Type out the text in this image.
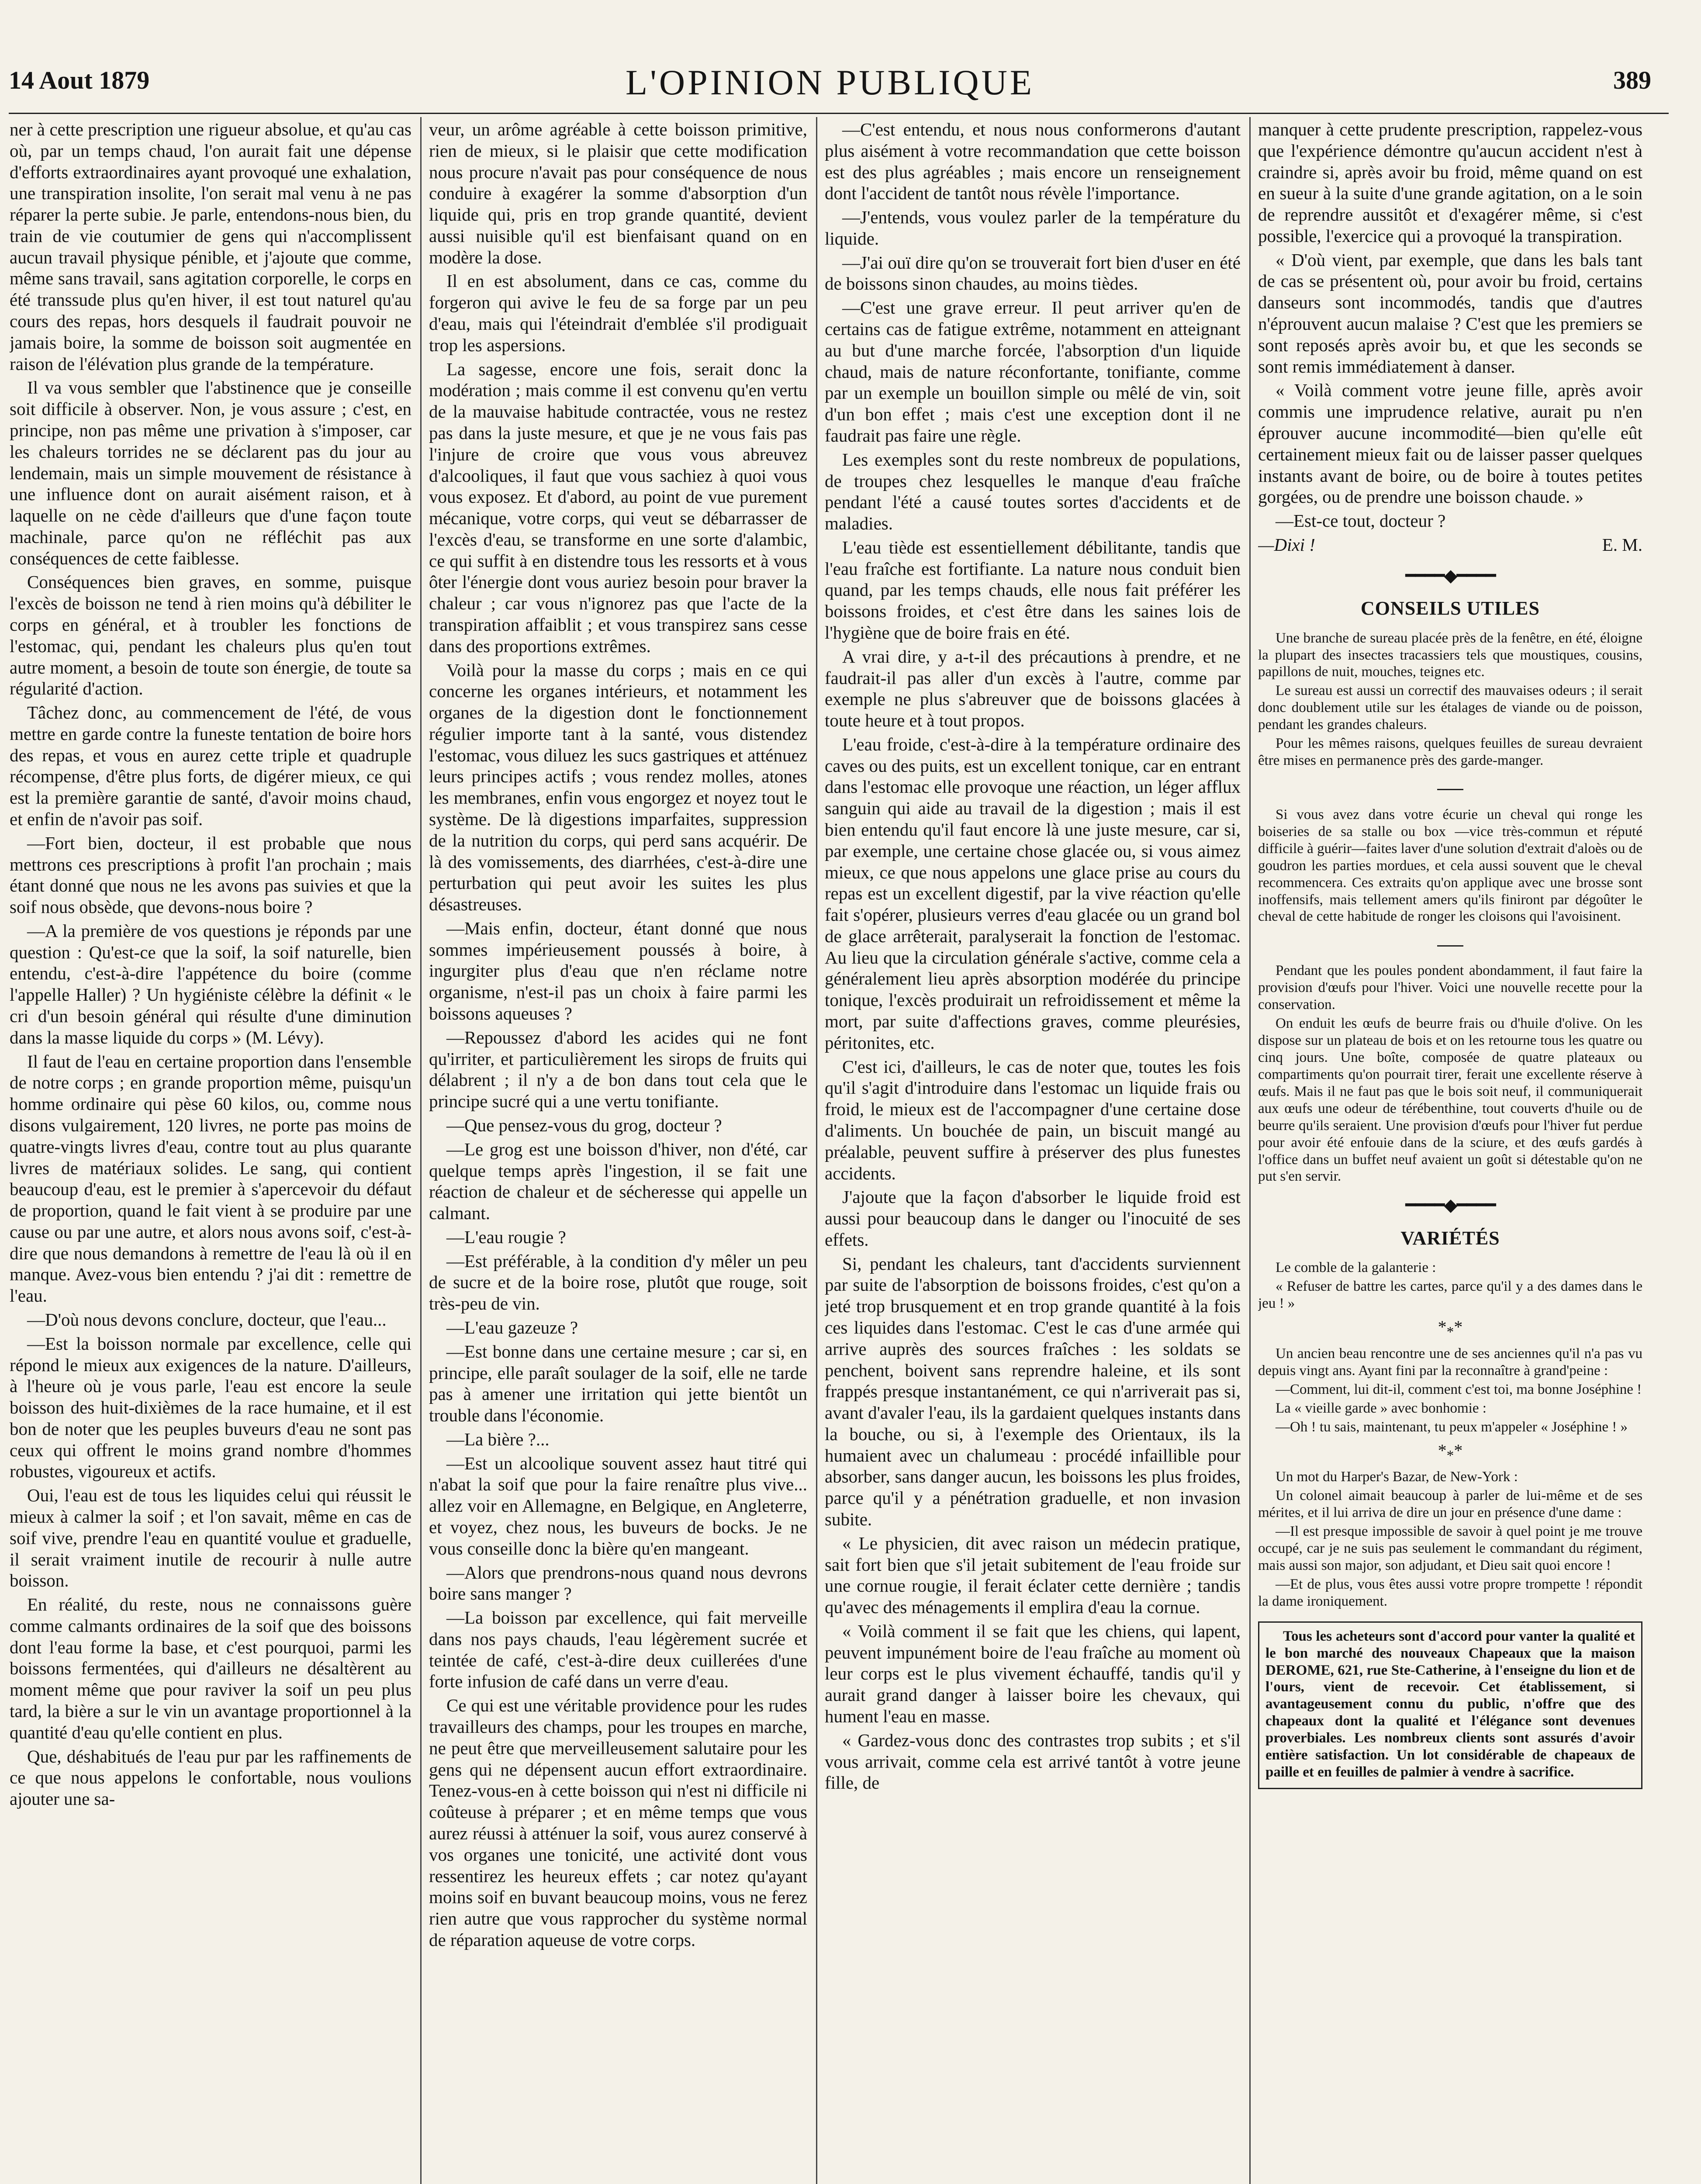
14 Aout 1879	L'OPINION PUBLIQUE	389

ner à cette prescription une rigueur absolue, et qu'au cas où, par un temps chaud, l'on aurait fait une dépense d'efforts extraordinaires ayant provoqué une exhalation, une transpiration insolite, l'on serait mal venu à ne pas réparer la perte subie. Je parle, entendons-nous bien, du train de vie coutumier de gens qui n'accomplissent aucun travail physique pénible, et j'ajoute que comme, même sans travail, sans agitation corporelle, le corps en été transsude plus qu'en hiver, il est tout naturel qu'au cours des repas, hors desquels il faudrait pouvoir ne jamais boire, la somme de boisson soit augmentée en raison de l'élévation plus grande de la température.

Il va vous sembler que l'abstinence que je conseille soit difficile à observer. Non, je vous assure ; c'est, en principe, non pas même une privation à s'imposer, car les chaleurs torrides ne se déclarent pas du jour au lendemain, mais un simple mouvement de résistance à une influence dont on aurait aisément raison, et à laquelle on ne cède d'ailleurs que d'une façon toute machinale, parce qu'on ne réfléchit pas aux conséquences de cette faiblesse.

Conséquences bien graves, en somme, puisque l'excès de boisson ne tend à rien moins qu'à débiliter le corps en général, et à troubler les fonctions de l'estomac, qui, pendant les chaleurs plus qu'en tout autre moment, a besoin de toute son énergie, de toute sa régularité d'action.

Tâchez donc, au commencement de l'été, de vous mettre en garde contre la funeste tentation de boire hors des repas, et vous en aurez cette triple et quadruple récompense, d'être plus forts, de digérer mieux, ce qui est la première garantie de santé, d'avoir moins chaud, et enfin de n'avoir pas soif.

—Fort bien, docteur, il est probable que nous mettrons ces prescriptions à profit l'an prochain ; mais étant donné que nous ne les avons pas suivies et que la soif nous obsède, que devons-nous boire ?

—A la première de vos questions je réponds par une question : Qu'est-ce que la soif, la soif naturelle, bien entendu, c'est-à-dire l'appétence du boire (comme l'appelle Haller) ? Un hygiéniste célèbre la définit « le cri d'un besoin général qui résulte d'une diminution dans la masse liquide du corps » (M. Lévy).

Il faut de l'eau en certaine proportion dans l'ensemble de notre corps ; en grande proportion même, puisqu'un homme ordinaire qui pèse 60 kilos, ou, comme nous disons vulgairement, 120 livres, ne porte pas moins de quatre-vingts livres d'eau, contre tout au plus quarante livres de matériaux solides. Le sang, qui contient beaucoup d'eau, est le premier à s'apercevoir du défaut de proportion, quand le fait vient à se produire par une cause ou par une autre, et alors nous avons soif, c'est-à-dire que nous demandons à remettre de l'eau là où il en manque. Avez-vous bien entendu ? j'ai dit : remettre de l'eau.

—D'où nous devons conclure, docteur, que l'eau...

—Est la boisson normale par excellence, celle qui répond le mieux aux exigences de la nature. D'ailleurs, à l'heure où je vous parle, l'eau est encore la seule boisson des huit-dixièmes de la race humaine, et il est bon de noter que les peuples buveurs d'eau ne sont pas ceux qui offrent le moins grand nombre d'hommes robustes, vigoureux et actifs.

Oui, l'eau est de tous les liquides celui qui réussit le mieux à calmer la soif ; et l'on savait, même en cas de soif vive, prendre l'eau en quantité voulue et graduelle, il serait vraiment inutile de recourir à nulle autre boisson.

En réalité, du reste, nous ne connaissons guère comme calmants ordinaires de la soif que des boissons dont l'eau forme la base, et c'est pourquoi, parmi les boissons fermentées, qui d'ailleurs ne désaltèrent au moment même que pour raviver la soif un peu plus tard, la bière a sur le vin un avantage proportionnel à la quantité d'eau qu'elle contient en plus.

Que, déshabitués de l'eau pur par les raffinements de ce que nous appelons le confortable, nous voulions ajouter une sa-

veur, un arôme agréable à cette boisson primitive, rien de mieux, si le plaisir que cette modification nous procure n'avait pas pour conséquence de nous conduire à exagérer la somme d'absorption d'un liquide qui, pris en trop grande quantité, devient aussi nuisible qu'il est bienfaisant quand on en modère la dose.

Il en est absolument, dans ce cas, comme du forgeron qui avive le feu de sa forge par un peu d'eau, mais qui l'éteindrait d'emblée s'il prodiguait trop les aspersions.

La sagesse, encore une fois, serait donc la modération ; mais comme il est convenu qu'en vertu de la mauvaise habitude contractée, vous ne restez pas dans la juste mesure, et que je ne vous fais pas l'injure de croire que vous vous abreuvez d'alcooliques, il faut que vous sachiez à quoi vous vous exposez. Et d'abord, au point de vue purement mécanique, votre corps, qui veut se débarrasser de l'excès d'eau, se transforme en une sorte d'alambic, ce qui suffit à en distendre tous les ressorts et à vous ôter l'énergie dont vous auriez besoin pour braver la chaleur ; car vous n'ignorez pas que l'acte de la transpiration affaiblit ; et vous transpirez sans cesse dans des proportions extrêmes.

Voilà pour la masse du corps ; mais en ce qui concerne les organes intérieurs, et notamment les organes de la digestion dont le fonctionnement régulier importe tant à la santé, vous distendez l'estomac, vous diluez les sucs gastriques et atténuez leurs principes actifs ; vous rendez molles, atones les membranes, enfin vous engorgez et noyez tout le système. De là digestions imparfaites, suppression de la nutrition du corps, qui perd sans acquérir. De là des vomissements, des diarrhées, c'est-à-dire une perturbation qui peut avoir les suites les plus désastreuses.

—Mais enfin, docteur, étant donné que nous sommes impérieusement poussés à boire, à ingurgiter plus d'eau que n'en réclame notre organisme, n'est-il pas un choix à faire parmi les boissons aqueuses ?

—Repoussez d'abord les acides qui ne font qu'irriter, et particulièrement les sirops de fruits qui délabrent ; il n'y a de bon dans tout cela que le principe sucré qui a une vertu tonifiante.

—Que pensez-vous du grog, docteur ?

—Le grog est une boisson d'hiver, non d'été, car quelque temps après l'ingestion, il se fait une réaction de chaleur et de sécheresse qui appelle un calmant.

—L'eau rougie ?

—Est préférable, à la condition d'y mêler un peu de sucre et de la boire rose, plutôt que rouge, soit très-peu de vin.

—L'eau gazeuze ?

—Est bonne dans une certaine mesure ; car si, en principe, elle paraît soulager de la soif, elle ne tarde pas à amener une irritation qui jette bientôt un trouble dans l'économie.

—La bière ?...

—Est un alcoolique souvent assez haut titré qui n'abat la soif que pour la faire renaître plus vive... allez voir en Allemagne, en Belgique, en Angleterre, et voyez, chez nous, les buveurs de bocks. Je ne vous conseille donc la bière qu'en mangeant.

—Alors que prendrons-nous quand nous devrons boire sans manger ?

—La boisson par excellence, qui fait merveille dans nos pays chauds, l'eau légèrement sucrée et teintée de café, c'est-à-dire deux cuillerées d'une forte infusion de café dans un verre d'eau.

Ce qui est une véritable providence pour les rudes travailleurs des champs, pour les troupes en marche, ne peut être que merveilleusement salutaire pour les gens qui ne dépensent aucun effort extraordinaire. Tenez-vous-en à cette boisson qui n'est ni difficile ni coûteuse à préparer ; et en même temps que vous aurez réussi à atténuer la soif, vous aurez conservé à vos organes une tonicité, une activité dont vous ressentirez les heureux effets ; car notez qu'ayant moins soif en buvant beaucoup moins, vous ne ferez rien autre que vous rapprocher du système normal de réparation aqueuse de votre corps.

—C'est entendu, et nous nous conformerons d'autant plus aisément à votre recommandation que cette boisson est des plus agréables ; mais encore un renseignement dont l'accident de tantôt nous révèle l'importance.

—J'entends, vous voulez parler de la température du liquide.

—J'ai ouï dire qu'on se trouverait fort bien d'user en été de boissons sinon chaudes, au moins tièdes.

—C'est une grave erreur. Il peut arriver qu'en de certains cas de fatigue extrême, notamment en atteignant au but d'une marche forcée, l'absorption d'un liquide chaud, mais de nature réconfortante, tonifiante, comme par un exemple un bouillon simple ou mêlé de vin, soit d'un bon effet ; mais c'est une exception dont il ne faudrait pas faire une règle.

Les exemples sont du reste nombreux de populations, de troupes chez lesquelles le manque d'eau fraîche pendant l'été a causé toutes sortes d'accidents et de maladies.

L'eau tiède est essentiellement débilitante, tandis que l'eau fraîche est fortifiante. La nature nous conduit bien quand, par les temps chauds, elle nous fait préférer les boissons froides, et c'est être dans les saines lois de l'hygiène que de boire frais en été.

A vrai dire, y a-t-il des précautions à prendre, et ne faudrait-il pas aller d'un excès à l'autre, comme par exemple ne plus s'abreuver que de boissons glacées à toute heure et à tout propos.

L'eau froide, c'est-à-dire à la température ordinaire des caves ou des puits, est un excellent tonique, car en entrant dans l'estomac elle provoque une réaction, un léger afflux sanguin qui aide au travail de la digestion ; mais il est bien entendu qu'il faut encore là une juste mesure, car si, par exemple, une certaine chose glacée ou, si vous aimez mieux, ce que nous appelons une glace prise au cours du repas est un excellent digestif, par la vive réaction qu'elle fait s'opérer, plusieurs verres d'eau glacée ou un grand bol de glace arrêterait, paralyserait la fonction de l'estomac. Au lieu que la circulation générale s'active, comme cela a généralement lieu après absorption modérée du principe tonique, l'excès produirait un refroidissement et même la mort, par suite d'affections graves, comme pleurésies, péritonites, etc.

C'est ici, d'ailleurs, le cas de noter que, toutes les fois qu'il s'agit d'introduire dans l'estomac un liquide frais ou froid, le mieux est de l'accompagner d'une certaine dose d'aliments. Un bouchée de pain, un biscuit mangé au préalable, peuvent suffire à préserver des plus funestes accidents.

J'ajoute que la façon d'absorber le liquide froid est aussi pour beaucoup dans le danger ou l'inocuité de ses effets.

Si, pendant les chaleurs, tant d'accidents surviennent par suite de l'absorption de boissons froides, c'est qu'on a jeté trop brusquement et en trop grande quantité à la fois ces liquides dans l'estomac. C'est le cas d'une armée qui arrive auprès des sources fraîches : les soldats se penchent, boivent sans reprendre haleine, et ils sont frappés presque instantanément, ce qui n'arriverait pas si, avant d'avaler l'eau, ils la gardaient quelques instants dans la bouche, ou si, à l'exemple des Orientaux, ils la humaient avec un chalumeau : procédé infaillible pour absorber, sans danger aucun, les boissons les plus froides, parce qu'il y a pénétration graduelle, et non invasion subite.

« Le physicien, dit avec raison un médecin pratique, sait fort bien que s'il jetait subitement de l'eau froide sur une cornue rougie, il ferait éclater cette dernière ; tandis qu'avec des ménagements il emplira d'eau la cornue.

« Voilà comment il se fait que les chiens, qui lapent, peuvent impunément boire de l'eau fraîche au moment où leur corps est le plus vivement échauffé, tandis qu'il y aurait grand danger à laisser boire les chevaux, qui hument l'eau en masse.

« Gardez-vous donc des contrastes trop subits ; et s'il vous arrivait, comme cela est arrivé tantôt à votre jeune fille, de

manquer à cette prudente prescription, rappelez-vous que l'expérience démontre qu'aucun accident n'est à craindre si, après avoir bu froid, même quand on est en sueur à la suite d'une grande agitation, on a le soin de reprendre aussitôt et d'exagérer même, si c'est possible, l'exercice qui a provoqué la transpiration.

« D'où vient, par exemple, que dans les bals tant de cas se présentent où, pour avoir bu froid, certains danseurs sont incommodés, tandis que d'autres n'éprouvent aucun malaise ? C'est que les premiers se sont reposés après avoir bu, et que les seconds se sont remis immédiatement à danser.

« Voilà comment votre jeune fille, après avoir commis une imprudence relative, aurait pu n'en éprouver aucune incommodité—bien qu'elle eût certainement mieux fait ou de laisser passer quelques instants avant de boire, ou de boire à toutes petites gorgées, ou de prendre une boisson chaude. »

—Est-ce tout, docteur ?

—Dixi !	E. M.
━━━━◆━━━━
CONSEILS UTILES

Une branche de sureau placée près de la fenêtre, en été, éloigne la plupart des insectes tracassiers tels que moustiques, cousins, papillons de nuit, mouches, teignes etc.

Le sureau est aussi un correctif des mauvaises odeurs ; il serait donc doublement utile sur les étalages de viande ou de poisson, pendant les grandes chaleurs.

Pour les mêmes raisons, quelques feuilles de sureau devraient être mises en permanence près des garde-manger.

Si vous avez dans votre écurie un cheval qui ronge les boiseries de sa stalle ou box —vice très-commun et réputé difficile à guérir—faites laver d'une solution d'extrait d'aloès ou de goudron les parties mordues, et cela aussi souvent que le cheval recommencera. Ces extraits qu'on applique avec une brosse sont inoffensifs, mais tellement amers qu'ils finiront par dégoûter le cheval de cette habitude de ronger les cloisons qui l'avoisinent.

Pendant que les poules pondent abondamment, il faut faire la provision d'œufs pour l'hiver. Voici une nouvelle recette pour la conservation.

On enduit les œufs de beurre frais ou d'huile d'olive. On les dispose sur un plateau de bois et on les retourne tous les quatre ou cinq jours. Une boîte, composée de quatre plateaux ou compartiments qu'on pourrait tirer, ferait une excellente réserve à œufs. Mais il ne faut pas que le bois soit neuf, il communiquerait aux œufs une odeur de térébenthine, tout couverts d'huile ou de beurre qu'ils seraient. Une provision d'œufs pour l'hiver fut perdue pour avoir été enfouie dans de la sciure, et des œufs gardés à l'office dans un buffet neuf avaient un goût si détestable qu'on ne put s'en servir.

━━━━◆━━━━
VARIÉTÉS

Le comble de la galanterie :

« Refuser de battre les cartes, parce qu'il y a des dames dans le jeu ! »

$*_**$

Un ancien beau rencontre une de ses anciennes qu'il n'a pas vu depuis vingt ans. Ayant fini par la reconnaître à grand'peine :

—Comment, lui dit-il, comment c'est toi, ma bonne Joséphine !

La « vieille garde » avec bonhomie :

—Oh ! tu sais, maintenant, tu peux m'appeler « Joséphine ! »

$*_**$

Un mot du Harper's Bazar, de New-York :

Un colonel aimait beaucoup à parler de lui-même et de ses mérites, et il lui arriva de dire un jour en présence d'une dame :

—Il est presque impossible de savoir à quel point je me trouve occupé, car je ne suis pas seulement le commandant du régiment, mais aussi son major, son adjudant, et Dieu sait quoi encore !

—Et de plus, vous êtes aussi votre propre trompette ! répondit la dame ironiquement.

Tous les acheteurs sont d'accord pour vanter la qualité et le bon marché des nouveaux Chapeaux que la maison DEROME, 621, rue Ste-Catherine, à l'enseigne du lion et de l'ours, vient de recevoir. Cet établissement, si avantageusement connu du public, n'offre que des chapeaux dont la qualité et l'élégance sont devenues proverbiales. Les nombreux clients sont assurés d'avoir entière satisfaction. Un lot considérable de chapeaux de paille et en feuilles de palmier à vendre à sacrifice.
